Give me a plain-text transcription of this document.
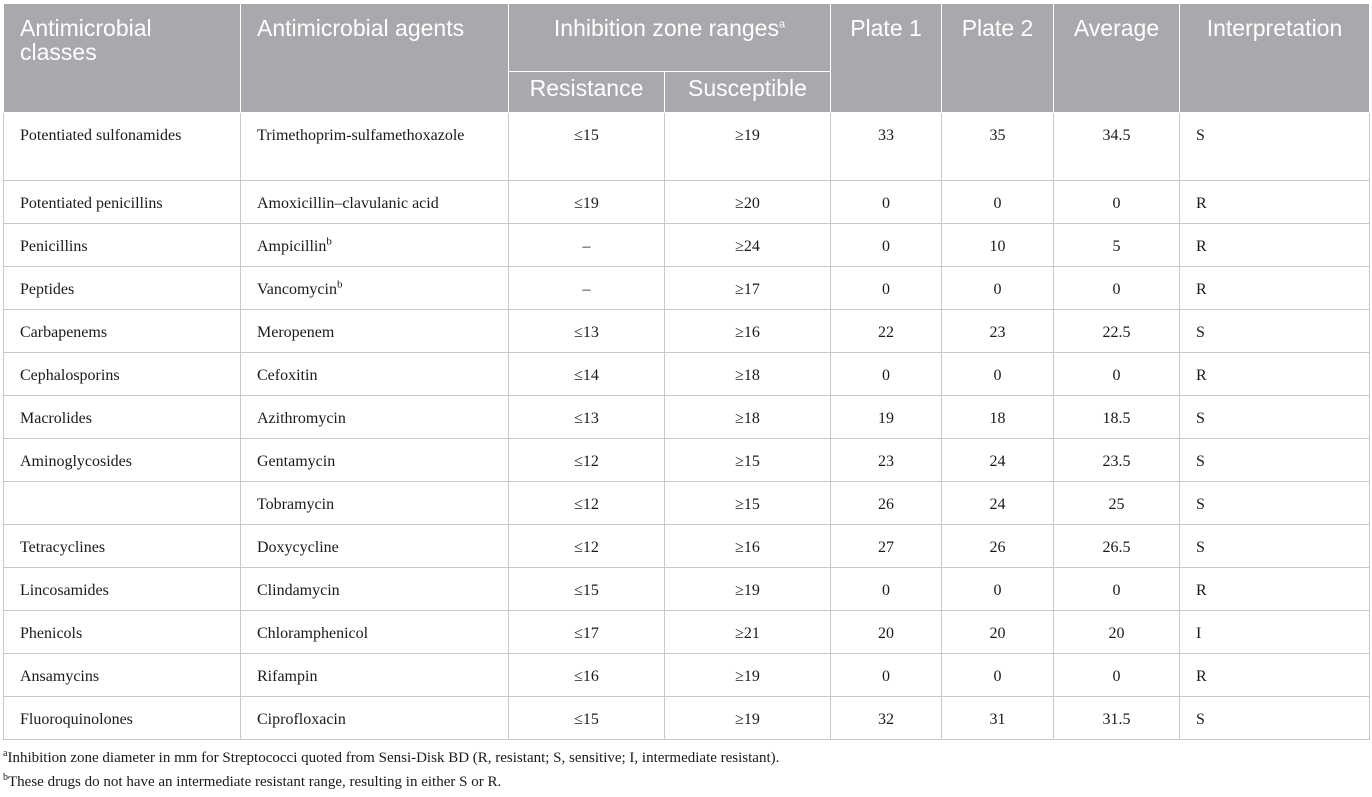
Antimicrobial classes	Antimicrobial agents	Inhibition zone ranges$^a$		Plate 1	Plate 2	Average	Interpretation
		Resistance	Susceptible				
Potentiated sulfonamides	Trimethoprim-sulfamethoxazole	≤15	≥19	33	35	34.5	S
Potentiated penicillins	Amoxicillin–clavulanic acid	≤19	≥20	0	0	0	R
Penicillins	Ampicillin$^b$	–	≥24	0	10	5	R
Peptides	Vancomycin$^b$	–	≥17	0	0	0	R
Carbapenems	Meropenem	≤13	≥16	22	23	22.5	S
Cephalosporins	Cefoxitin	≤14	≥18	0	0	0	R
Macrolides	Azithromycin	≤13	≥18	19	18	18.5	S
Aminoglycosides	Gentamycin	≤12	≥15	23	24	23.5	S
	Tobramycin	≤12	≥15	26	24	25	S
Tetracyclines	Doxycycline	≤12	≥16	27	26	26.5	S
Lincosamides	Clindamycin	≤15	≥19	0	0	0	R
Phenicols	Chloramphenicol	≤17	≥21	20	20	20	I
Ansamycins	Rifampin	≤16	≥19	0	0	0	R
Fluoroquinolones	Ciprofloxacin	≤15	≥19	32	31	31.5	S
$^a$Inhibition zone diameter in mm for Streptococci quoted from Sensi-Disk BD (R, resistant; S, sensitive; I, intermediate resistant).
$^b$These drugs do not have an intermediate resistant range, resulting in either S or R.
